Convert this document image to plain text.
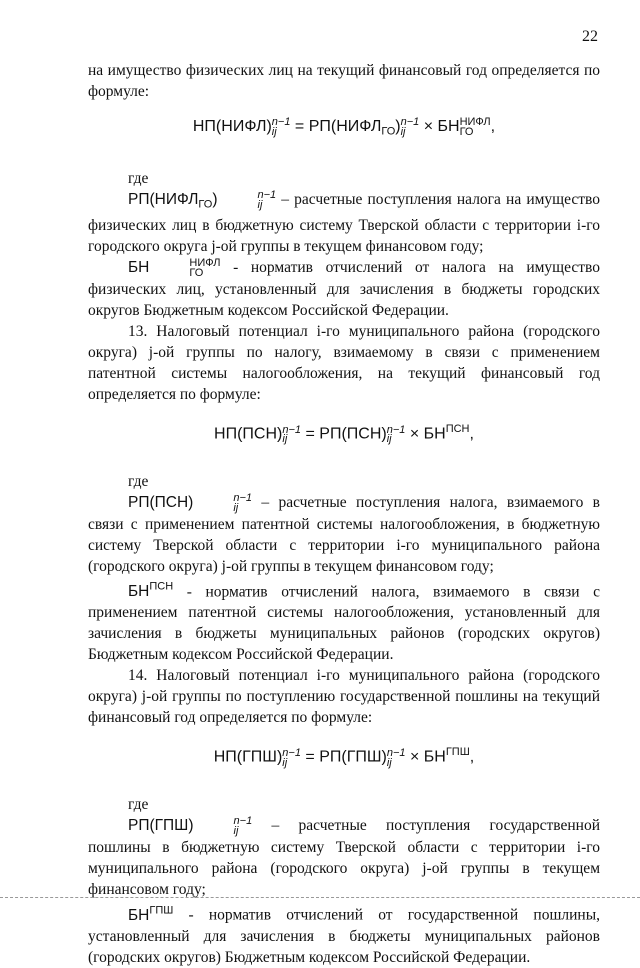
22

на имущество физических лиц на текущий финансовый год определяется по формуле:

НП(НИФЛ) n−1
ij = $РП(НИФЛ_{ГО})$ n−1
ij × БН НИФЛ
ГО	,

где

$РП(НИФЛ_{ГО})$	n−1
ij – расчетные поступления налога на имущество физических лиц в бюджетную систему Тверской области с территории i-го городского округа j-ой группы в текущем финансовом году;

БН	НИФЛ
ГО	- норматив отчислений от налога на имущество физических лиц, установленный для зачисления в бюджеты городских округов Бюджетным кодексом Российской Федерации.

13. Налоговый потенциал i-го муниципального района (городского округа) j-ой группы по налогу, взимаемому в связи с применением патентной системы налогообложения, на текущий финансовый год определяется по формуле:

НП(ПСН) n−1
ij = РП(ПСН) n−1
ij × $БН^{ПСН}$,

где

РП(ПСН)	n−1
ij – расчетные поступления налога, взимаемого в связи с применением патентной системы налогообложения, в бюджетную систему Тверской области с территории i-го муниципального района (городского округа) j-ой группы в текущем финансовом году;

$БН^{ПСН}$ - норматив отчислений налога, взимаемого в связи с применением патентной системы налогообложения, установленный для зачисления в бюджеты муниципальных районов (городских округов) Бюджетным кодексом Российской Федерации.

14. Налоговый потенциал i-го муниципального района (городского округа) j-ой группы по поступлению государственной пошлины на текущий финансовый год определяется по формуле:

НП(ГПШ) n−1
ij = РП(ГПШ) n−1
ij × $БН^{ГПШ}$,

где

РП(ГПШ)	n−1
ij – расчетные поступления государственной пошлины в бюджетную систему Тверской области с территории i-го муниципального района (городского округа) j-ой группы в текущем финансовом году;

$БН^{ГПШ}$ - норматив отчислений от государственной пошлины, установленный для зачисления в бюджеты муниципальных районов (городских округов) Бюджетным кодексом Российской Федерации.
